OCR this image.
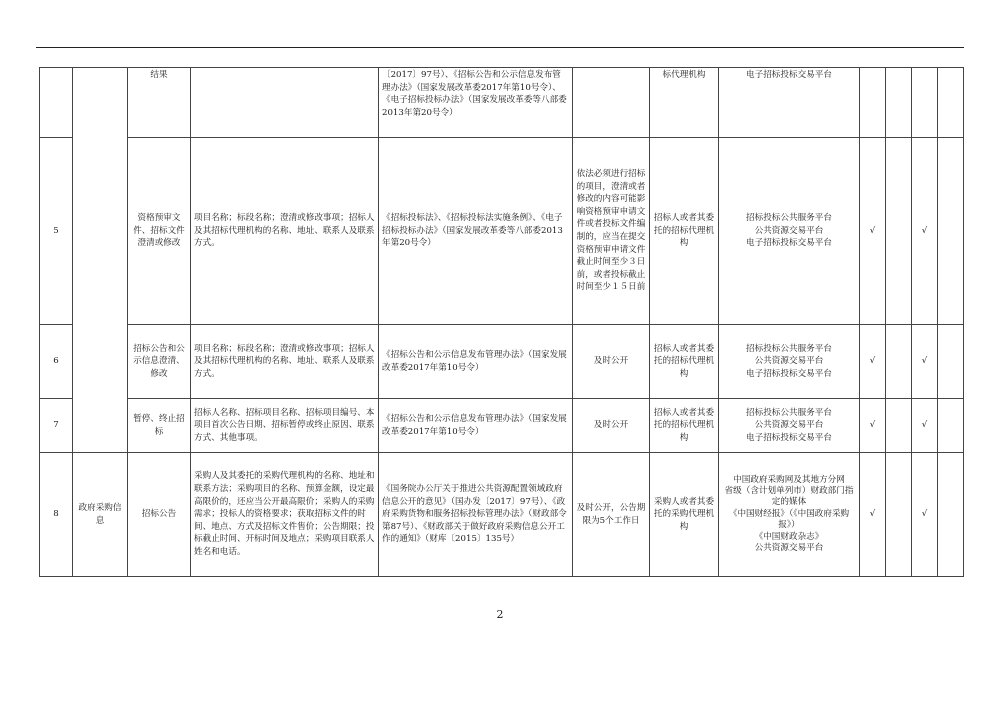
		结果		〔2017〕97号）、《招标公告和公示信息发布管理办法》（国家发展改革委2017年第10号令）、《电子招标投标办法》（国家发展改革委等八部委2013年第20号令）		标代理机构	电子招标投标交易平台				
5		资格预审文件、招标文件澄清或修改	项目名称；标段名称；澄清或修改事项；招标人及其招标代理机构的名称、地址、联系人及联系方式。	《招标投标法》、《招标投标法实施条例》、《电子招标投标办法》（国家发展改革委等八部委2013年第20号令）	依法必须进行招标的项目，澄清或者修改的内容可能影响资格预审申请文件或者投标文件编制的，应当在提交资格预审申请文件截止时间至少３日前，或者投标截止时间至少１５日前	招标人或者其委托的招标代理机构	招标投标公共服务平台
公共资源交易平台
电子招标投标交易平台	√		√	
6		招标公告和公示信息澄清、修改	项目名称；标段名称；澄清或修改事项；招标人及其招标代理机构的名称、地址、联系人及联系方式。	《招标公告和公示信息发布管理办法》（国家发展改革委2017年第10号令）	及时公开	招标人或者其委托的招标代理机构	招标投标公共服务平台
公共资源交易平台
电子招标投标交易平台	√		√	
7		暂停、终止招标	招标人名称、招标项目名称、招标项目编号、本项目首次公告日期、招标暂停或终止原因、联系方式、其他事项。	《招标公告和公示信息发布管理办法》（国家发展改革委2017年第10号令）	及时公开	招标人或者其委托的招标代理机构	招标投标公共服务平台
公共资源交易平台
电子招标投标交易平台	√		√	
8	政府采购信息	招标公告	采购人及其委托的采购代理机构的名称、地址和联系方法；采购项目的名称、预算金额，设定最高限价的，还应当公开最高限价；采购人的采购需求；投标人的资格要求；获取招标文件的时间、地点、方式及招标文件售价；公告期限；投标截止时间、开标时间及地点；采购项目联系人姓名和电话。	《国务院办公厅关于推进公共资源配置领域政府信息公开的意见》（国办发〔2017〕97号）、《政府采购货物和服务招标投标管理办法》（财政部令第87号）、《财政部关于做好政府采购信息公开工作的通知》（财库〔2015〕135号）	及时公开，公告期限为5个工作日	采购人或者其委托的采购代理机构	中国政府采购网及其地方分网
省级（含计划单列市）财政部门指定的媒体
《中国财经报》（《中国政府采购报》）
《中国财政杂志》
公共资源交易平台	√		√	
2
